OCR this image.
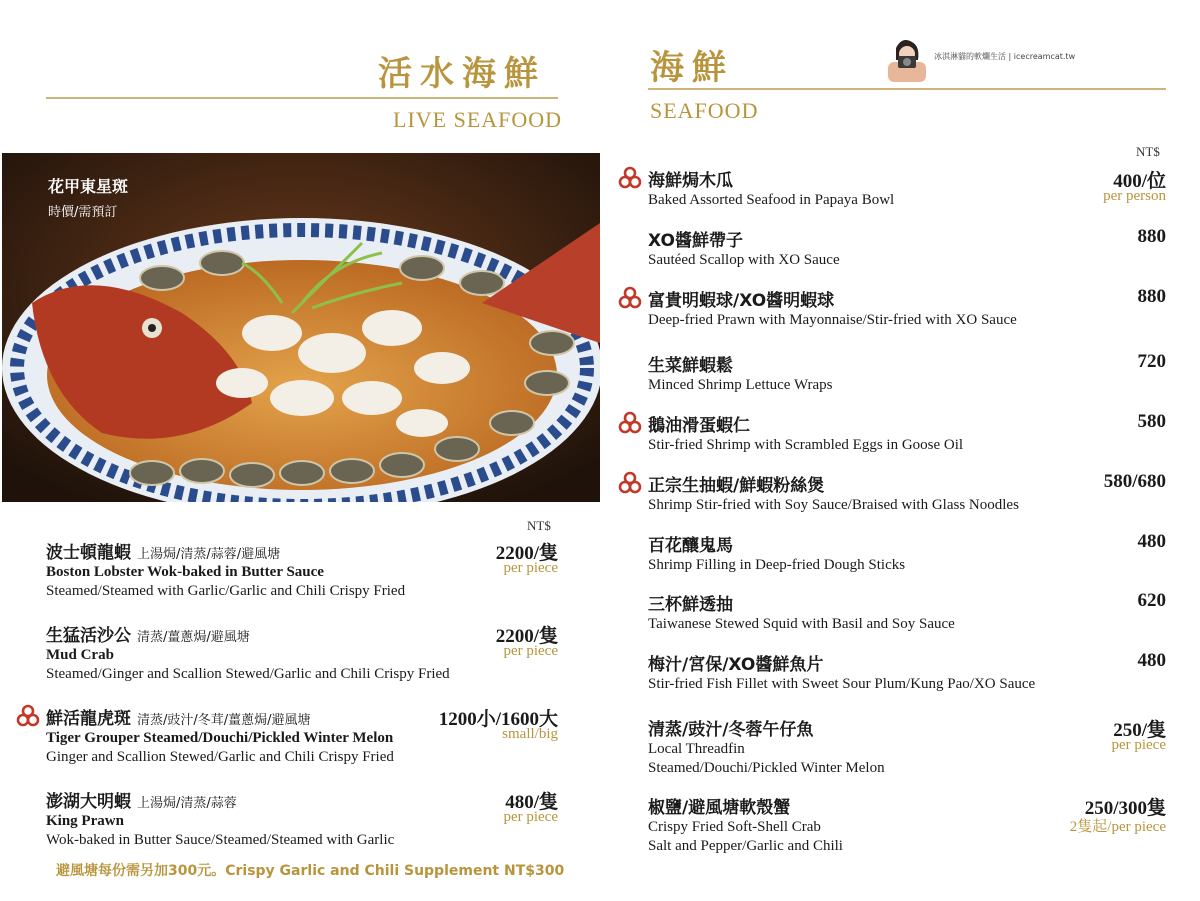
活水海鮮
LIVE SEAFOOD
花甲東星斑
時價/需預訂
NT$
波士頓龍蝦 上湯焗/清蒸/蒜蓉/避風塘
Boston Lobster Wok-baked in Butter Sauce
Steamed/Steamed with Garlic/Garlic and Chili Crispy Fried
2200/隻
per piece
生猛活沙公 清蒸/薑蔥焗/避風塘
Mud Crab
Steamed/Ginger and Scallion Stewed/Garlic and Chili Crispy Fried
2200/隻
per piece
鮮活龍虎斑 清蒸/豉汁/冬茸/薑蔥焗/避風塘
Tiger Grouper Steamed/Douchi/Pickled Winter Melon
Ginger and Scallion Stewed/Garlic and Chili Crispy Fried
1200小/1600大
small/big
澎湖大明蝦 上湯焗/清蒸/蒜蓉
King Prawn
Wok-baked in Butter Sauce/Steamed/Steamed with Garlic
480/隻
per piece
避風塘每份需另加300元。Crispy Garlic and Chili Supplement NT$300
海鮮
SEAFOOD
冰淇淋貓的軟爛生活 | icecreamcat.tw
NT$
海鮮焗木瓜
Baked Assorted Seafood in Papaya Bowl
400/位
per person
XO醬鮮帶子
Sautéed Scallop with XO Sauce
880
富貴明蝦球/XO醬明蝦球
Deep-fried Prawn with Mayonnaise/Stir-fried with XO Sauce
880
生菜鮮蝦鬆
Minced Shrimp Lettuce Wraps
720
鵝油滑蛋蝦仁
Stir-fried Shrimp with Scrambled Eggs in Goose Oil
580
正宗生抽蝦/鮮蝦粉絲煲
Shrimp Stir-fried with Soy Sauce/Braised with Glass Noodles
580/680
百花釀鬼馬
Shrimp Filling in Deep-fried Dough Sticks
480
三杯鮮透抽
Taiwanese Stewed Squid with Basil and Soy Sauce
620
梅汁/宮保/XO醬鮮魚片
Stir-fried Fish Fillet with Sweet Sour Plum/Kung Pao/XO Sauce
480
清蒸/豉汁/冬蓉午仔魚
Local Threadfin
Steamed/Douchi/Pickled Winter Melon
250/隻
per piece
椒鹽/避風塘軟殼蟹
Crispy Fried Soft-Shell Crab
Salt and Pepper/Garlic and Chili
250/300隻
2隻起/per piece
